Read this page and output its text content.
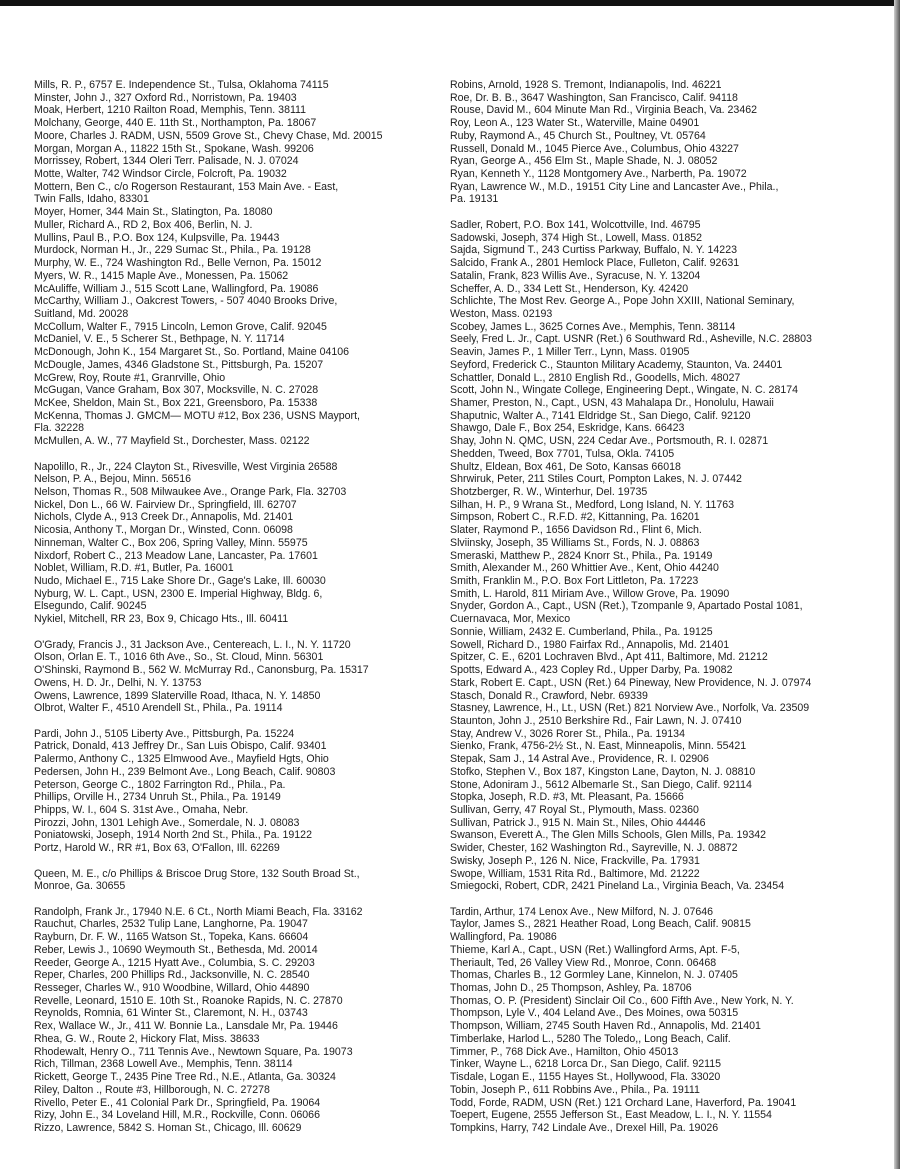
Mills, R. P., 6757 E. Independence St., Tulsa, Oklahoma 74115
Minster, John J., 327 Oxford Rd., Norristown, Pa. 19403
Moak, Herbert, 1210 Railton Road, Memphis, Tenn. 38111
Molchany, George, 440 E. 11th St., Northampton, Pa. 18067
Moore, Charles J. RADM, USN, 5509 Grove St., Chevy Chase, Md. 20015
Morgan, Morgan A., 11822 15th St., Spokane, Wash. 99206
Morrissey, Robert, 1344 Oleri Terr. Palisade, N. J. 07024
Motte, Walter, 742 Windsor Circle, Folcroft, Pa. 19032
Mottern, Ben C., c/o Rogerson Restaurant, 153 Main Ave. - East,
Twin Falls, Idaho, 83301
Moyer, Homer, 344 Main St., Slatington, Pa. 18080
Muller, Richard A., RD 2, Box 406, Berlin, N. J.
Mullins, Paul B., P.O. Box 124, Kulpsville, Pa. 19443
Murdock, Norman H., Jr., 229 Sumac St., Phila., Pa. 19128
Murphy, W. E., 724 Washington Rd., Belle Vernon, Pa. 15012
Myers, W. R., 1415 Maple Ave., Monessen, Pa. 15062
McAuliffe, William J., 515 Scott Lane, Wallingford, Pa. 19086
McCarthy, William J., Oakcrest Towers, - 507 4040 Brooks Drive,
Suitland, Md. 20028
McCollum, Walter F., 7915 Lincoln, Lemon Grove, Calif. 92045
McDaniel, V. E., 5 Scherer St., Bethpage, N. Y. 11714
McDonough, John K., 154 Margaret St., So. Portland, Maine 04106
McDougle, James, 4346 Gladstone St., Pittsburgh, Pa. 15207
McGrew, Roy, Route #1, Granrville, Ohio
McGugan, Vance Graham, Box 307, Mocksville, N. C. 27028
McKee, Sheldon, Main St., Box 221, Greensboro, Pa. 15338
McKenna, Thomas J. GMCM— MOTU #12, Box 236, USNS Mayport,
Fla. 32228
McMullen, A. W., 77 Mayfield St., Dorchester, Mass. 02122
Napolillo, R., Jr., 224 Clayton St., Rivesville, West Virginia 26588
Nelson, P. A., Bejou, Minn. 56516
Nelson, Thomas R., 508 Milwaukee Ave., Orange Park, Fla. 32703
Nickel, Don L., 66 W. Fairview Dr., Springfield, Ill. 62707
Nichols, Clyde A., 913 Creek Dr., Annapolis, Md. 21401
Nicosia, Anthony T., Morgan Dr., Winsted, Conn. 06098
Ninneman, Walter C., Box 206, Spring Valley, Minn. 55975
Nixdorf, Robert C., 213 Meadow Lane, Lancaster, Pa. 17601
Noblet, William, R.D. #1, Butler, Pa. 16001
Nudo, Michael E., 715 Lake Shore Dr., Gage's Lake, Ill. 60030
Nyburg, W. L. Capt., USN, 2300 E. Imperial Highway, Bldg. 6,
Elsegundo, Calif. 90245
Nykiel, Mitchell, RR 23, Box 9, Chicago Hts., Ill. 60411
O'Grady, Francis J., 31 Jackson Ave., Centereach, L. I., N. Y. 11720
Olson, Orlan E. T., 1016 6th Ave., So., St. Cloud, Minn. 56301
O'Shinski, Raymond B., 562 W. McMurray Rd., Canonsburg, Pa. 15317
Owens, H. D. Jr., Delhi, N. Y. 13753
Owens, Lawrence, 1899 Slaterville Road, Ithaca, N. Y. 14850
Olbrot, Walter F., 4510 Arendell St., Phila., Pa. 19114
Pardi, John J., 5105 Liberty Ave., Pittsburgh, Pa. 15224
Patrick, Donald, 413 Jeffrey Dr., San Luis Obispo, Calif. 93401
Palermo, Anthony C., 1325 Elmwood Ave., Mayfield Hgts, Ohio
Pedersen, John H., 239 Belmont Ave., Long Beach, Calif. 90803
Peterson, George C., 1802 Farrington Rd., Phila., Pa.
Phillips, Orville H., 2734 Unruh St., Phila., Pa. 19149
Phipps, W. I., 604 S. 31st Ave., Omaha, Nebr.
Pirozzi, John, 1301 Lehigh Ave., Somerdale, N. J. 08083
Poniatowski, Joseph, 1914 North 2nd St., Phila., Pa. 19122
Portz, Harold W., RR #1, Box 63, O'Fallon, Ill. 62269
Queen, M. E., c/o Phillips & Briscoe Drug Store, 132 South Broad St.,
Monroe, Ga. 30655
Randolph, Frank Jr., 17940 N.E. 6 Ct., North Miami Beach, Fla. 33162
Rauchut, Charles, 2532 Tulip Lane, Langhorne, Pa. 19047
Rayburn, Dr. F. W., 1165 Watson St., Topeka, Kans. 66604
Reber, Lewis J., 10690 Weymouth St., Bethesda, Md. 20014
Reeder, George A., 1215 Hyatt Ave., Columbia, S. C. 29203
Reper, Charles, 200 Phillips Rd., Jacksonville, N. C. 28540
Resseger, Charles W., 910 Woodbine, Willard, Ohio 44890
Revelle, Leonard, 1510 E. 10th St., Roanoke Rapids, N. C. 27870
Reynolds, Romnia, 61 Winter St., Claremont, N. H., 03743
Rex, Wallace W., Jr., 411 W. Bonnie La., Lansdale Mr, Pa. 19446
Rhea, G. W., Route 2, Hickory Flat, Miss. 38633
Rhodewalt, Henry O., 711 Tennis Ave., Newtown Square, Pa. 19073
Rich, Tillman, 2368 Lowell Ave., Memphis, Tenn. 38114
Rickett, George T., 2435 Pine Tree Rd., N.E., Atlanta, Ga. 30324
Riley, Dalton ., Route #3, Hillborough, N. C. 27278
Rivello, Peter E., 41 Colonial Park Dr., Springfield, Pa. 19064
Rizy, John E., 34 Loveland Hill, M.R., Rockville, Conn. 06066
Rizzo, Lawrence, 5842 S. Homan St., Chicago, Ill. 60629
Robins, Arnold, 1928 S. Tremont, Indianapolis, Ind. 46221
Roe, Dr. B. B., 3647 Washington, San Francisco, Calif. 94118
Rouse, David M., 604 Minute Man Rd., Virginia Beach, Va. 23462
Roy, Leon A., 123 Water St., Waterville, Maine 04901
Ruby, Raymond A., 45 Church St., Poultney, Vt. 05764
Russell, Donald M., 1045 Pierce Ave., Columbus, Ohio 43227
Ryan, George A., 456 Elm St., Maple Shade, N. J. 08052
Ryan, Kenneth Y., 1128 Montgomery Ave., Narberth, Pa. 19072
Ryan, Lawrence W., M.D., 19151 City Line and Lancaster Ave., Phila.,
Pa. 19131
Sadler, Robert, P.O. Box 141, Wolcottville, Ind. 46795
Sadowski, Joseph, 374 High St., Lowell, Mass. 01852
Sajda, Sigmund T., 243 Curtiss Parkway, Buffalo, N. Y. 14223
Salcido, Frank A., 2801 Hemlock Place, Fulleton, Calif. 92631
Satalin, Frank, 823 Willis Ave., Syracuse, N. Y. 13204
Scheffer, A. D., 334 Lett St., Henderson, Ky. 42420
Schlichte, The Most Rev. George A., Pope John XXIII, National Seminary,
Weston, Mass. 02193
Scobey, James L., 3625 Cornes Ave., Memphis, Tenn. 38114
Seely, Fred L. Jr., Capt. USNR (Ret.) 6 Southward Rd., Asheville, N.C. 28803
Seavin, James P., 1 Miller Terr., Lynn, Mass. 01905
Seyford, Frederick C., Staunton Military Academy, Staunton, Va. 24401
Schattler, Donald L., 2810 English Rd., Goodells, Mich. 48027
Scott, John N., Wingate College, Engineering Dept., Wingate, N. C. 28174
Shamer, Preston, N., Capt., USN, 43 Mahalapa Dr., Honolulu, Hawaii
Shaputnic, Walter A., 7141 Eldridge St., San Diego, Calif. 92120
Shawgo, Dale F., Box 254, Eskridge, Kans. 66423
Shay, John N. QMC, USN, 224 Cedar Ave., Portsmouth, R. I. 02871
Shedden, Tweed, Box 7701, Tulsa, Okla. 74105
Shultz, Eldean, Box 461, De Soto, Kansas 66018
Shrwiruk, Peter, 211 Stiles Court, Pompton Lakes, N. J. 07442
Shotzberger, R. W., Winterhur, Del. 19735
Silhan, H. P., 9 Wrana St., Medford, Long Island, N. Y. 11763
Simpson, Robert C., R.F.D. #2, Kittanning, Pa. 16201
Slater, Raymond P., 1656 Davidson Rd., Flint 6, Mich.
Slviinsky, Joseph, 35 Williams St., Fords, N. J. 08863
Smeraski, Matthew P., 2824 Knorr St., Phila., Pa. 19149
Smith, Alexander M., 260 Whittier Ave., Kent, Ohio 44240
Smith, Franklin M., P.O. Box Fort Littleton, Pa. 17223
Smith, L. Harold, 811 Miriam Ave., Willow Grove, Pa. 19090
Snyder, Gordon A., Capt., USN (Ret.), Tzompanle 9, Apartado Postal 1081,
Cuernavaca, Mor, Mexico
Sonnie, William, 2432 E. Cumberland, Phila., Pa. 19125
Sowell, Richard D., 1980 Fairfax Rd., Annapolis, Md. 21401
Spitzer, C. E., 6201 Lochraven Blvd., Apt 411, Baltimore, Md. 21212
Spotts, Edward A., 423 Copley Rd., Upper Darby, Pa. 19082
Stark, Robert E. Capt., USN (Ret.) 64 Pineway, New Providence, N. J. 07974
Stasch, Donald R., Crawford, Nebr. 69339
Stasney, Lawrence, H., Lt., USN (Ret.) 821 Norview Ave., Norfolk, Va. 23509
Staunton, John J., 2510 Berkshire Rd., Fair Lawn, N. J. 07410
Stay, Andrew V., 3026 Rorer St., Phila., Pa. 19134
Sienko, Frank, 4756-2½ St., N. East, Minneapolis, Minn. 55421
Stepak, Sam J., 14 Astral Ave., Providence, R. I. 02906
Stofko, Stephen V., Box 187, Kingston Lane, Dayton, N. J. 08810
Stone, Adoniram J., 5612 Albemarle St., San Diego, Calif. 92114
Stopka, Joseph, R.D. #3, Mt. Pleasant, Pa. 15666
Sullivan, Gerry, 47 Royal St., Plymouth, Mass. 02360
Sullivan, Patrick J., 915 N. Main St., Niles, Ohio 44446
Swanson, Everett A., The Glen Mills Schools, Glen Mills, Pa. 19342
Swider, Chester, 162 Washington Rd., Sayreville, N. J. 08872
Swisky, Joseph P., 126 N. Nice, Frackville, Pa. 17931
Swope, William, 1531 Rita Rd., Baltimore, Md. 21222
Smiegocki, Robert, CDR, 2421 Pineland La., Virginia Beach, Va. 23454
Tardin, Arthur, 174 Lenox Ave., New Milford, N. J. 07646
Taylor, James S., 2821 Heather Road, Long Beach, Calif. 90815
Wallingford, Pa. 19086
Thieme, Karl A., Capt., USN (Ret.) Wallingford Arms, Apt. F-5,
Theriault, Ted, 26 Valley View Rd., Monroe, Conn. 06468
Thomas, Charles B., 12 Gormley Lane, Kinnelon, N. J. 07405
Thomas, John D., 25 Thompson, Ashley, Pa. 18706
Thomas, O. P. (President) Sinclair Oil Co., 600 Fifth Ave., New York, N. Y.
Thompson, Lyle V., 404 Leland Ave., Des Moines, owa 50315
Thompson, William, 2745 South Haven Rd., Annapolis, Md. 21401
Timberlake, Harlod L., 5280 The Toledo,, Long Beach, Calif.
Timmer, P., 768 Dick Ave., Hamilton, Ohio 45013
Tinker, Wayne L., 6218 Lorca Dr., San Diego, Calif. 92115
Tisdale, Logan E., 1155 Hayes St., Hollywood, Fla. 33020
Tobin, Joseph P., 611 Robbins Ave., Phila., Pa. 19111
Todd, Forde, RADM, USN (Ret.) 121 Orchard Lane, Haverford, Pa. 19041
Toepert, Eugene, 2555 Jefferson St., East Meadow, L. I., N. Y. 11554
Tompkins, Harry, 742 Lindale Ave., Drexel Hill, Pa. 19026
